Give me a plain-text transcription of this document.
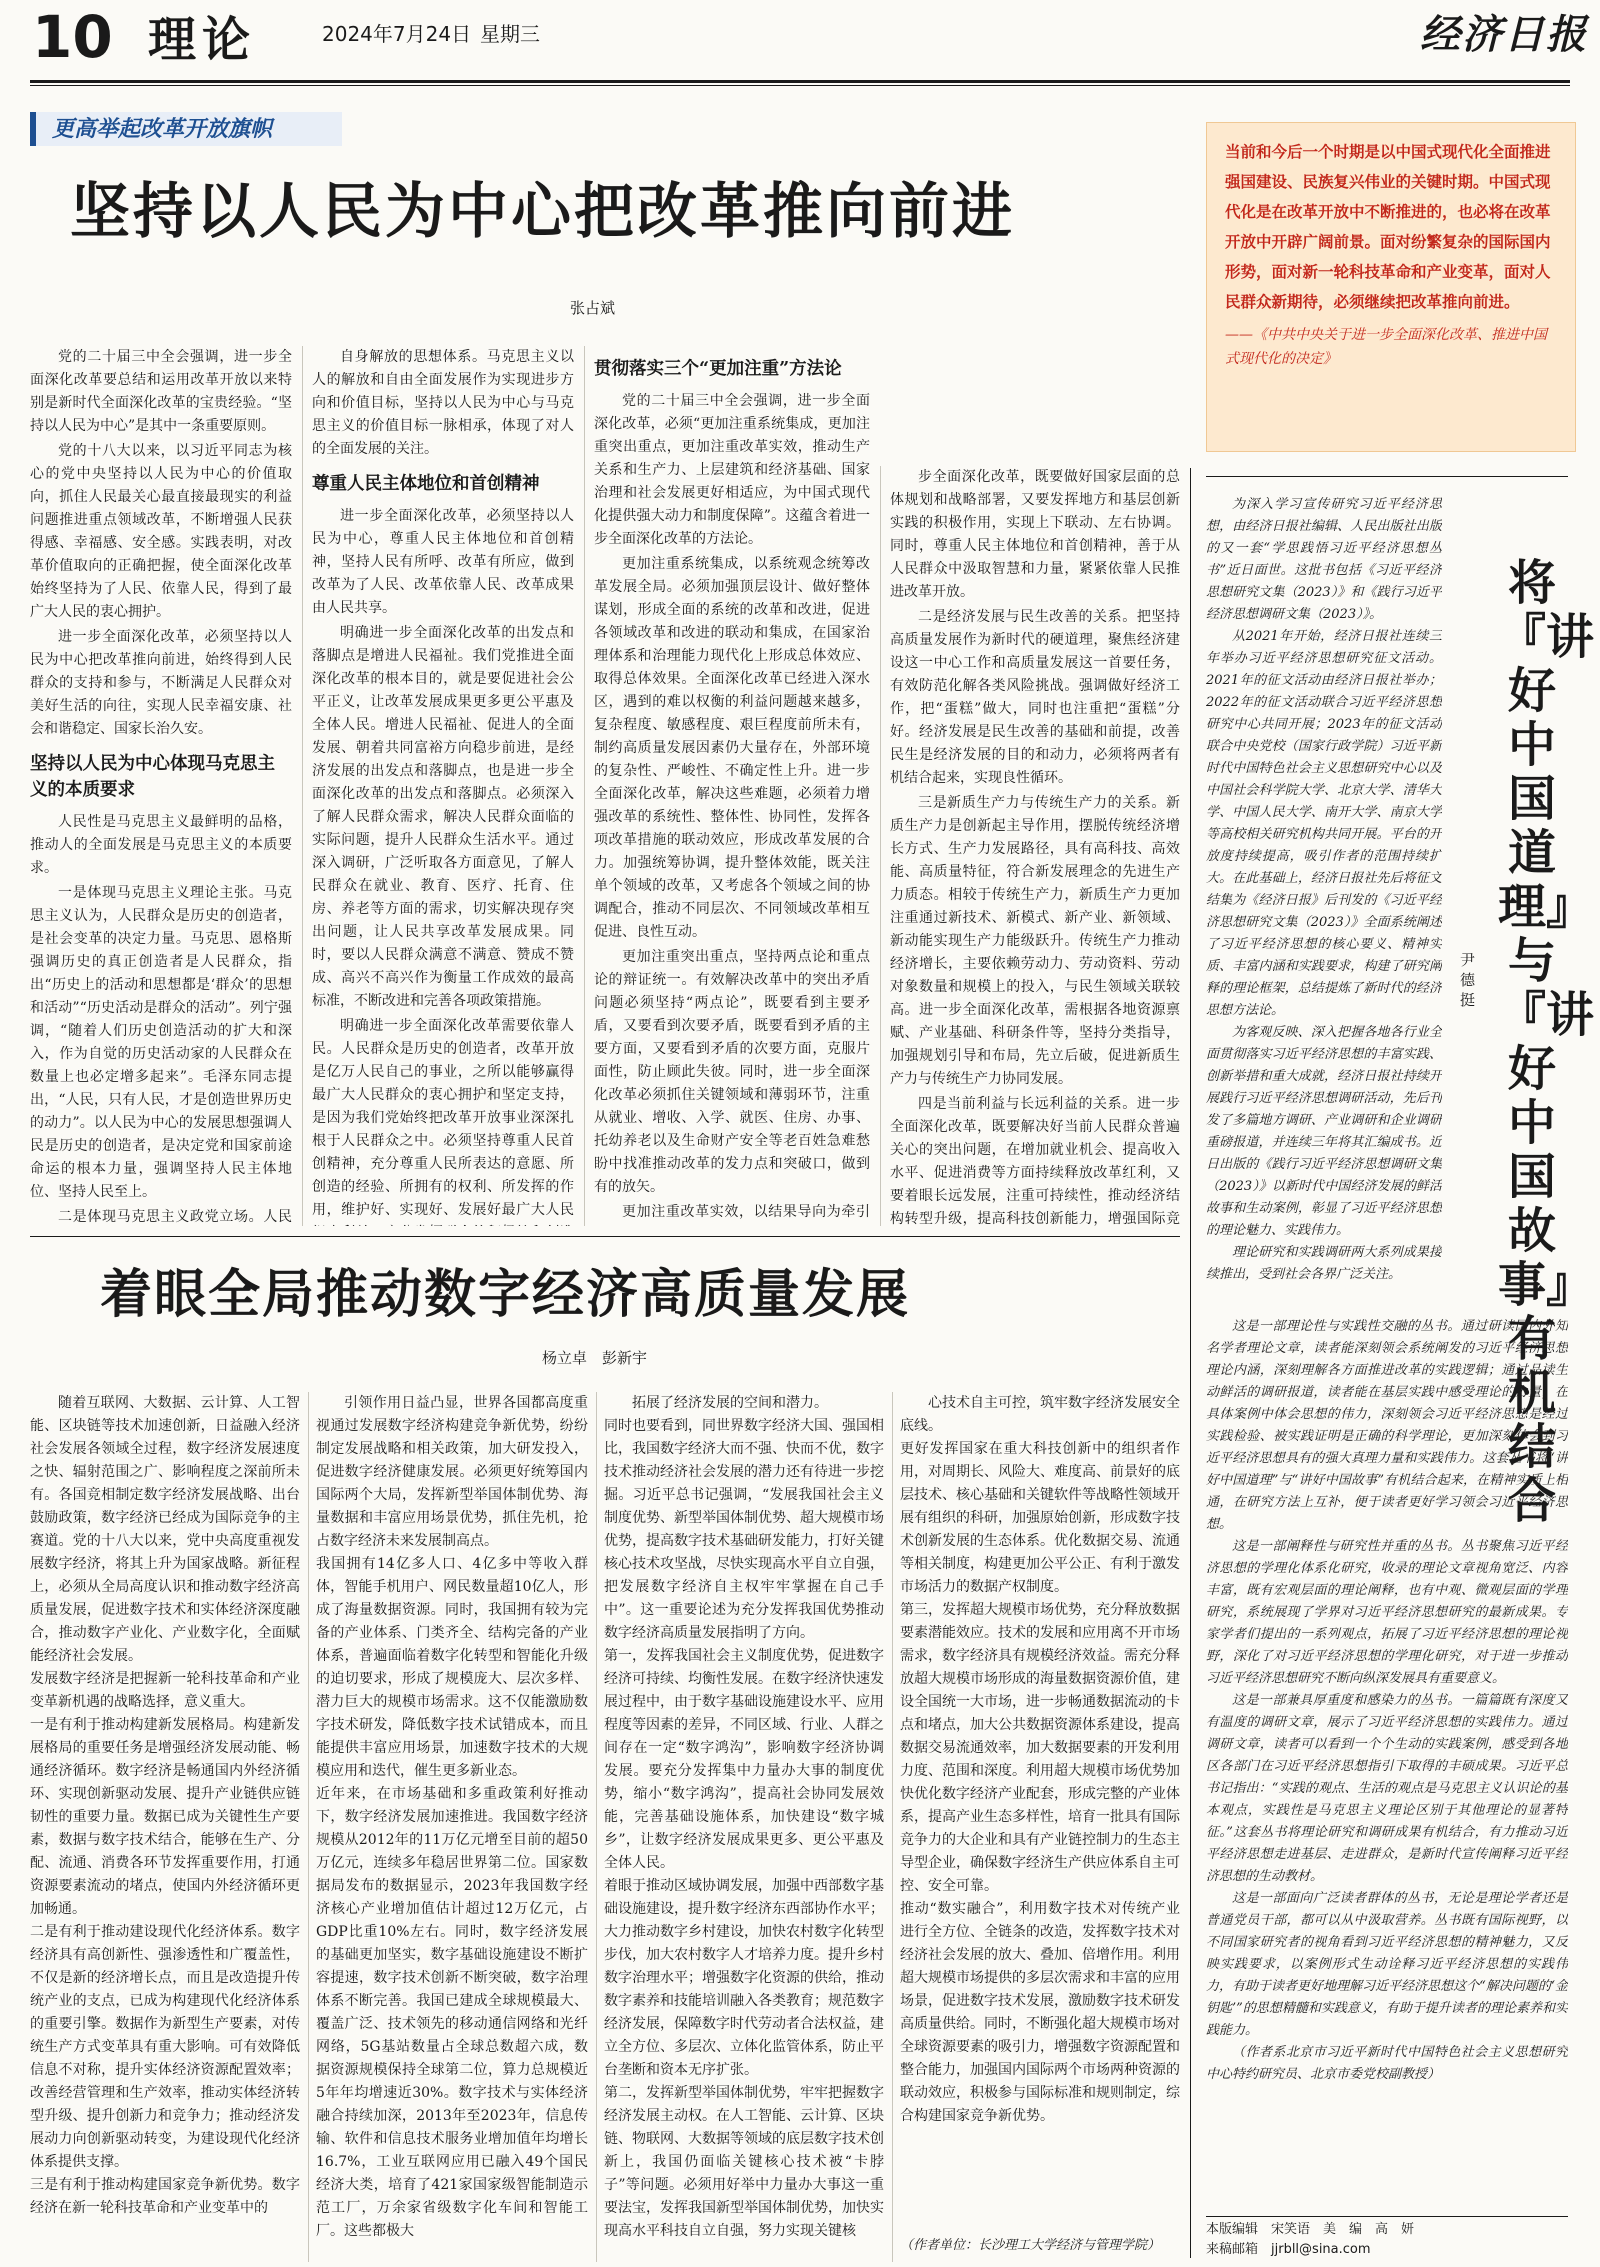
10 理论	2024年7月24日 星期三	经济日报
更高举起改革开放旗帜
坚持以人民为中心把改革推向前进
张占斌
当前和今后一个时期是以中国式现代化全面推进强国建设、民族复兴伟业的关键时期。中国式现代化是在改革开放中不断推进的，也必将在改革开放中开辟广阔前景。面对纷繁复杂的国际国内形势，面对新一轮科技革命和产业变革，面对人民群众新期待，必须继续把改革推向前进。
——《中共中央关于进一步全面深化改革、推进中国式现代化的决定》

党的二十届三中全会强调，进一步全面深化改革要总结和运用改革开放以来特别是新时代全面深化改革的宝贵经验。“坚持以人民为中心”是其中一条重要原则。

党的十八大以来，以习近平同志为核心的党中央坚持以人民为中心的价值取向，抓住人民最关心最直接最现实的利益问题推进重点领域改革，不断增强人民获得感、幸福感、安全感。实践表明，对改革价值取向的正确把握，使全面深化改革始终坚持为了人民、依靠人民，得到了最广大人民的衷心拥护。

进一步全面深化改革，必须坚持以人民为中心把改革推向前进，始终得到人民群众的支持和参与，不断满足人民群众对美好生活的向往，实现人民幸福安康、社会和谐稳定、国家长治久安。

坚持以人民为中心体现马克思主义的本质要求

人民性是马克思主义最鲜明的品格，推动人的全面发展是马克思主义的本质要求。

一是体现马克思主义理论主张。马克思主义认为，人民群众是历史的创造者，是社会变革的决定力量。马克思、恩格斯强调历史的真正创造者是人民群众，指出“历史上的活动和思想都是‘群众’的思想和活动”“历史活动是群众的活动”。列宁强调，“随着人们历史创造活动的扩大和深入，作为自觉的历史活动家的人民群众在数量上也必定增多起来”。毛泽东同志提出，“人民，只有人民，才是创造世界历史的动力”。以人民为中心的发展思想强调人民是历史的创造者，是决定党和国家前途命运的根本力量，强调坚持人民主体地位、坚持人民至上。

二是体现马克思主义政党立场。人民

自身解放的思想体系。马克思主义以人的解放和自由全面发展作为实现进步方向和价值目标，坚持以人民为中心与马克思主义的价值目标一脉相承，体现了对人的全面发展的关注。

尊重人民主体地位和首创精神

进一步全面深化改革，必须坚持以人民为中心，尊重人民主体地位和首创精神，坚持人民有所呼、改革有所应，做到改革为了人民、改革依靠人民、改革成果由人民共享。

明确进一步全面深化改革的出发点和落脚点是增进人民福祉。我们党推进全面深化改革的根本目的，就是要促进社会公平正义，让改革发展成果更多更公平惠及全体人民。增进人民福祉、促进人的全面发展、朝着共同富裕方向稳步前进，是经济发展的出发点和落脚点，也是进一步全面深化改革的出发点和落脚点。必须深入了解人民群众需求，解决人民群众面临的实际问题，提升人民群众生活水平。通过深入调研，广泛听取各方面意见，了解人民群众在就业、教育、医疗、托育、住房、养老等方面的需求，切实解决现存突出问题，让人民共享改革发展成果。同时，要以人民群众满意不满意、赞成不赞成、高兴不高兴作为衡量工作成效的最高标准，不断改进和完善各项政策措施。

明确进一步全面深化改革需要依靠人民。人民群众是历史的创造者，改革开放是亿万人民自己的事业，之所以能够赢得最广大人民群众的衷心拥护和坚定支持，是因为我们党始终把改革开放事业深深扎根于人民群众之中。必须坚持尊重人民首创精神，充分尊重人民所表达的意愿、所创造的经验、所拥有的权利、所发挥的作用，维护好、实现好、发展好最广大人民

贯彻落实三个“更加注重”方法论

党的二十届三中全会强调，进一步全面深化改革，必须“更加注重系统集成，更加注重突出重点，更加注重改革实效，推动生产关系和生产力、上层建筑和经济基础、国家治理和社会发展更好相适应，为中国式现代化提供强大动力和制度保障”。这蕴含着进一步全面深化改革的方法论。

更加注重系统集成，以系统观念统筹改革发展全局。必须加强顶层设计、做好整体谋划，形成全面的系统的改革和改进，促进各领域改革和改进的联动和集成，在国家治理体系和治理能力现代化上形成总体效应、取得总体效果。全面深化改革已经进入深水区，遇到的难以权衡的利益问题越来越多，复杂程度、敏感程度、艰巨程度前所未有，制约高质量发展因素仍大量存在，外部环境的复杂性、严峻性、不确定性上升。进一步全面深化改革，解决这些难题，必须着力增强改革的系统性、整体性、协同性，发挥各项改革措施的联动效应，形成改革发展的合力。加强统筹协调，提升整体效能，既关注单个领域的改革，又考虑各个领域之间的协调配合，推动不同层次、不同领域改革相互促进、良性互动。

更加注重突出重点，坚持两点论和重点论的辩证统一。有效解决改革中的突出矛盾问题必须坚持“两点论”，既要看到主要矛盾，又要看到次要矛盾，既要看到矛盾的主要方面，又要看到矛盾的次要方面，克服片面性，防止顾此失彼。同时，进一步全面深化改革必须抓住关键领域和薄弱环节，注重从就业、增收、入学、就医、住房、办事、托幼养老以及生命财产安全等老百姓急难愁盼中找准推动改革的发力点和突破口，做到有的放矢。

更加注重改革实效，以结果导向为牵引

步全面深化改革，既要做好国家层面的总体规划和战略部署，又要发挥地方和基层创新实践的积极作用，实现上下联动、左右协调。同时，尊重人民主体地位和首创精神，善于从人民群众中汲取智慧和力量，紧紧依靠人民推进改革开放。

二是经济发展与民生改善的关系。把坚持高质量发展作为新时代的硬道理，聚焦经济建设这一中心工作和高质量发展这一首要任务，有效防范化解各类风险挑战。强调做好经济工作，把“蛋糕”做大，同时也注重把“蛋糕”分好。经济发展是民生改善的基础和前提，改善民生是经济发展的目的和动力，必须将两者有机结合起来，实现良性循环。

三是新质生产力与传统生产力的关系。新质生产力是创新起主导作用，摆脱传统经济增长方式、生产力发展路径，具有高科技、高效能、高质量特征，符合新发展理念的先进生产力质态。相较于传统生产力，新质生产力更加注重通过新技术、新模式、新产业、新领域、新动能实现生产力能级跃升。传统生产力推动经济增长，主要依赖劳动力、劳动资料、劳动对象数量和规模上的投入，与民生领域关联较高。进一步全面深化改革，需根据各地资源禀赋、产业基础、科研条件等，坚持分类指导，加强规划引导和布局，先立后破，促进新质生产力与传统生产力协同发展。

四是当前利益与长远利益的关系。进一步全面深化改革，既要解决好当前人民群众普遍关心的突出问题，在增加就业机会、提高收入水平、促进消费等方面持续释放改革红利，又要着眼长远发展，注重可持续性，推动经济结构转型升级，提高科技创新能力，增强国际竞

着眼全局推动数字经济高质量发展
杨立卓　彭新宇
随着互联网、大数据、云计算、人工智能、区块链等技术加速创新，日益融入经济社会发展各领域全过程，数字经济发展速度之快、辐射范围之广、影响程度之深前所未有。各国竞相制定数字经济发展战略、出台鼓励政策，数字经济已经成为国际竞争的主赛道。党的十八大以来，党中央高度重视发展数字经济，将其上升为国家战略。新征程上，必须从全局高度认识和推动数字经济高质量发展，促进数字技术和实体经济深度融合，推动数字产业化、产业数字化，全面赋能经济社会发展。
发展数字经济是把握新一轮科技革命和产业变革新机遇的战略选择，意义重大。
一是有利于推动构建新发展格局。构建新发展格局的重要任务是增强经济发展动能、畅通经济循环。数字经济是畅通国内外经济循环、实现创新驱动发展、提升产业链供应链韧性的重要力量。数据已成为关键性生产要素，数据与数字技术结合，能够在生产、分配、流通、消费各环节发挥重要作用，打通资源要素流动的堵点，使国内外经济循环更加畅通。
二是有利于推动建设现代化经济体系。数字经济具有高创新性、强渗透性和广覆盖性，不仅是新的经济增长点，而且是改造提升传统产业的支点，已成为构建现代化经济体系的重要引擎。数据作为新型生产要素，对传统生产方式变革具有重大影响。可有效降低信息不对称，提升实体经济资源配置效率；改善经营管理和生产效率，推动实体经济转型升级、提升创新力和竞争力；推动经济发展动力向创新驱动转变，为建设现代化经济体系提供支撑。
三是有利于推动构建国家竞争新优势。数字经济在新一轮科技革命和产业变革中的
引领作用日益凸显，世界各国都高度重视通过发展数字经济构建竞争新优势，纷纷制定发展战略和相关政策，加大研发投入，促进数字经济健康发展。必须更好统筹国内国际两个大局，发挥新型举国体制优势、海量数据和丰富应用场景优势，抓住先机，抢占数字经济未来发展制高点。
我国拥有14亿多人口、4亿多中等收入群体，智能手机用户、网民数量超10亿人，形成了海量数据资源。同时，我国拥有较为完备的产业体系、门类齐全、结构完备的产业体系，普遍面临着数字化转型和智能化升级的迫切要求，形成了规模庞大、层次多样、潜力巨大的规模市场需求。这不仅能激励数字技术研发，降低数字技术试错成本，而且能提供丰富应用场景，加速数字技术的大规模应用和迭代，催生更多新业态。
近年来，在市场基础和多重政策利好推动下，数字经济发展加速推进。我国数字经济规模从2012年的11万亿元增至目前的超50万亿元，连续多年稳居世界第二位。国家数据局发布的数据显示，2023年我国数字经济核心产业增加值估计超过12万亿元，占GDP比重10%左右。同时，数字经济发展的基础更加坚实，数字基础设施建设不断扩容提速，数字技术创新不断突破，数字治理体系不断完善。我国已建成全球规模最大、覆盖广泛、技术领先的移动通信网络和光纤网络，5G基站数量占全球总数超六成，数据资源规模保持全球第二位，算力总规模近5年年均增速近30%。数字技术与实体经济融合持续加深，2013年至2023年，信息传输、软件和信息技术服务业增加值年均增长16.7%，工业互联网应用已融入49个国民经济大类，培育了421家国家级智能制造示范工厂，万余家省级数字化车间和智能工厂。这些都极大
拓展了经济发展的空间和潜力。
同时也要看到，同世界数字经济大国、强国相比，我国数字经济大而不强、快而不优，数字技术推动经济社会发展的潜力还有待进一步挖掘。习近平总书记强调，“发展我国社会主义制度优势、新型举国体制优势、超大规模市场优势，提高数字技术基础研发能力，打好关键核心技术攻坚战，尽快实现高水平自立自强，把发展数字经济自主权牢牢掌握在自己手中”。这一重要论述为充分发挥我国优势推动数字经济高质量发展指明了方向。
第一，发挥我国社会主义制度优势，促进数字经济可持续、均衡性发展。在数字经济快速发展过程中，由于数字基础设施建设水平、应用程度等因素的差异，不同区域、行业、人群之间存在一定“数字鸿沟”，影响数字经济协调发展。要充分发挥集中力量办大事的制度优势，缩小“数字鸿沟”，提高社会协同发展效能，完善基础设施体系，加快建设“数字城乡”，让数字经济发展成果更多、更公平惠及全体人民。
着眼于推动区域协调发展，加强中西部数字基础设施建设，提升数字经济东西部协作水平；大力推动数字乡村建设，加快农村数字化转型步伐，加大农村数字人才培养力度。提升乡村数字治理水平；增强数字化资源的供给，推动数字素养和技能培训融入各类教育；规范数字经济发展，保障数字时代劳动者合法权益，建立全方位、多层次、立体化监管体系，防止平台垄断和资本无序扩张。
第二，发挥新型举国体制优势，牢牢把握数字经济发展主动权。在人工智能、云计算、区块链、物联网、大数据等领域的底层数字技术创新上，我国仍面临关键核心技术被“卡脖子”等问题。必须用好举中力量办大事这一重要法宝，发挥我国新型举国体制优势，加快实现高水平科技自立自强，努力实现关键核
心技术自主可控，筑牢数字经济发展安全底线。
更好发挥国家在重大科技创新中的组织者作用，对周期长、风险大、难度高、前景好的底层技术、核心基础和关键软件等战略性领域开展有组织的科研，加强原始创新，形成数字技术创新发展的生态体系。优化数据交易、流通等相关制度，构建更加公平公正、有利于激发市场活力的数据产权制度。
第三，发挥超大规模市场优势，充分释放数据要素潜能效应。技术的发展和应用离不开市场需求，数字经济具有规模经济效益。需充分释放超大规模市场形成的海量数据资源价值，建设全国统一大市场，进一步畅通数据流动的卡点和堵点，加大公共数据资源体系建设，提高数据交易流通效率，加大数据要素的开发利用力度、范围和深度。利用超大规模市场优势加快优化数字经济产业配套，形成完整的产业体系，提高产业生态多样性，培育一批具有国际竞争力的大企业和具有产业链控制力的生态主导型企业，确保数字经济生产供应体系自主可控、安全可靠。
推动“数实融合”，利用数字技术对传统产业进行全方位、全链条的改造，发挥数字技术对经济社会发展的放大、叠加、倍增作用。利用超大规模市场提供的多层次需求和丰富的应用场景，促进数字技术发展，激励数字技术研发高质量供给。同时，不断强化超大规模市场对全球资源要素的吸引力，增强数字资源配置和整合能力，加强国内国际两个市场两种资源的联动效应，积极参与国际标准和规则制定，综合构建国家竞争新优势。
（作者单位：长沙理工大学经济与管理学院）
将『讲好中国道理』与『讲好中国故事』有机结合
尹德挺

为深入学习宣传研究习近平经济思想，由经济日报社编辑、人民出版社出版的又一套“学思践悟习近平经济思想丛书”近日面世。这批书包括《习近平经济思想研究文集（2023）》和《践行习近平经济思想调研文集（2023）》。

从2021年开始，经济日报社连续三年举办习近平经济思想研究征文活动。2021年的征文活动由经济日报社举办；2022年的征文活动联合习近平经济思想研究中心共同开展；2023年的征文活动联合中央党校（国家行政学院）习近平新时代中国特色社会主义思想研究中心以及中国社会科学院大学、北京大学、清华大学、中国人民大学、南开大学、南京大学等高校相关研究机构共同开展。平台的开放度持续提高，吸引作者的范围持续扩大。在此基础上，经济日报社先后将征文结集为《经济日报》后刊发的《习近平经济思想研究文集（2023）》全面系统阐述了习近平经济思想的核心要义、精神实质、丰富内涵和实践要求，构建了研究阐释的理论框架，总结提炼了新时代的经济思想方法论。

为客观反映、深入把握各地各行业全面贯彻落实习近平经济思想的丰富实践、创新举措和重大成就，经济日报社持续开展践行习近平经济思想调研活动，先后刊发了多篇地方调研、产业调研和企业调研重磅报道，并连续三年将其汇编成书。近日出版的《践行习近平经济思想调研文集（2023）》以新时代中国经济发展的鲜活故事和生动案例，彰显了习近平经济思想的理论魅力、实践伟力。

理论研究和实践调研两大系列成果接续推出，受到社会各界广泛关注。

这是一部理论性与实践性交融的丛书。通过研读国内外知名学者理论文章，读者能深刻领会系统阐发的习近平经济思想理论内涵，深刻理解各方面推进改革的实践逻辑；通过品读生动鲜活的调研报道，读者能在基层实践中感受理论的力量，在具体案例中体会思想的伟力，深刻领会习近平经济思想是经过实践检验、被实践证明是正确的科学理论，更加深刻体会到习近平经济思想具有的强大真理力量和实践伟力。这套丛书将“讲好中国道理”与“讲好中国故事”有机结合起来，在精神实质上相通，在研究方法上互补，便于读者更好学习领会习近平经济思想。

这是一部阐释性与研究性并重的丛书。丛书聚焦习近平经济思想的学理化体系化研究，收录的理论文章视角宽泛、内容丰富，既有宏观层面的理论阐释，也有中观、微观层面的学理研究，系统展现了学界对习近平经济思想研究的最新成果。专家学者们提出的一系列观点，拓展了习近平经济思想的理论视野，深化了对习近平经济思想的学理化研究，对于进一步推动习近平经济思想研究不断向纵深发展具有重要意义。

这是一部兼具厚重度和感染力的丛书。一篇篇既有深度又有温度的调研文章，展示了习近平经济思想的实践伟力。通过调研文章，读者可以看到一个个生动的实践案例，感受到各地区各部门在习近平经济思想指引下取得的丰硕成果。习近平总书记指出：“实践的观点、生活的观点是马克思主义认识论的基本观点，实践性是马克思主义理论区别于其他理论的显著特征。”这套丛书将理论研究和调研成果有机结合，有力推动习近平经济思想走进基层、走进群众，是新时代宣传阐释习近平经济思想的生动教材。

这是一部面向广泛读者群体的丛书，无论是理论学者还是普通党员干部，都可以从中汲取营养。丛书既有国际视野，以不同国家研究者的视角看到习近平经济思想的精神魅力，又反映实践要求，以案例形式生动诠释习近平经济思想的实践伟力，有助于读者更好地理解习近平经济思想这个“解决问题的‘金钥匙’”的思想精髓和实践意义，有助于提升读者的理论素养和实践能力。

（作者系北京市习近平新时代中国特色社会主义思想研究中心特约研究员、北京市委党校副教授）

本版编辑　宋笑语　美　编　高　妍
来稿邮箱　jjrbll@sina.com
